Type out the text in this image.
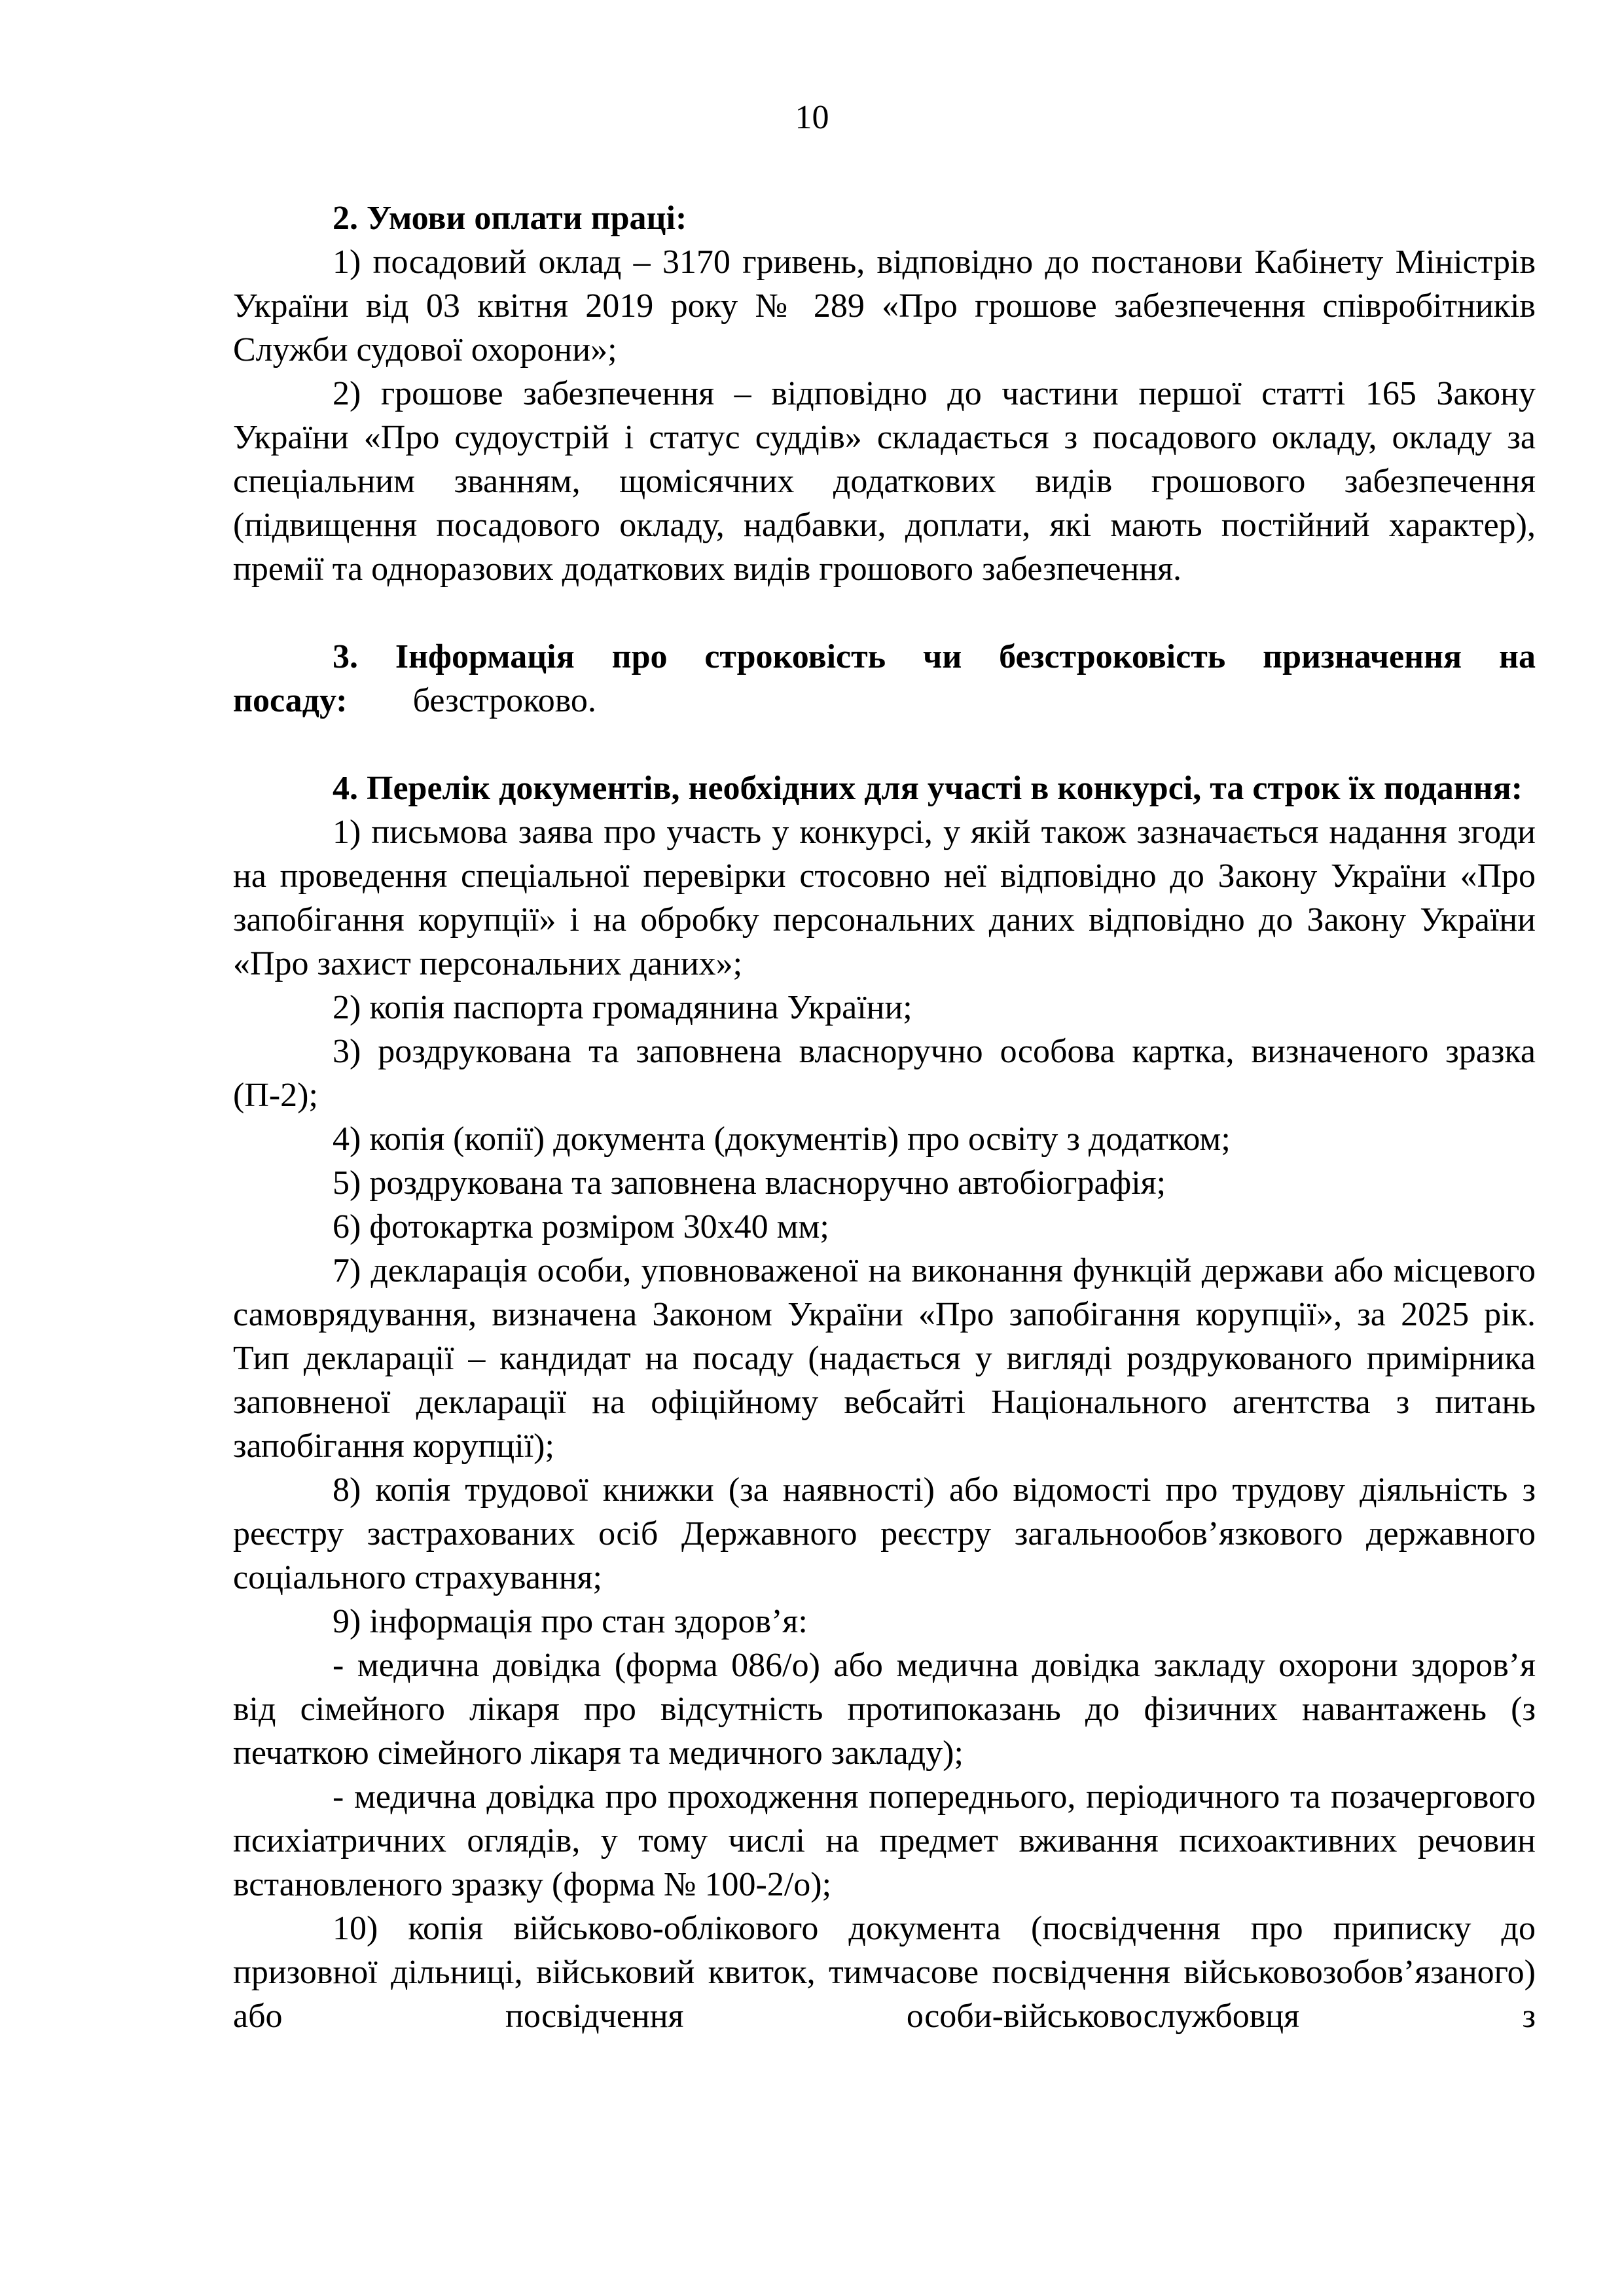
10

2. Умови оплати праці:

1) посадовий оклад – 3170 гривень, відповідно до постанови Кабінету Міністрів України від 03 квітня 2019 року № 289 «Про грошове забезпечення співробітників Служби судової охорони»;

2) грошове забезпечення – відповідно до частини першої статті 165 Закону України «Про судоустрій і статус суддів» складається з посадового окладу, окладу за спеціальним званням, щомісячних додаткових видів грошового забезпечення (підвищення посадового окладу, надбавки, доплати, які мають постійний характер), премії та одноразових додаткових видів грошового забезпечення.

3. Інформація про строковість чи безстроковість призначення на посаду: безстроково.

4. Перелік документів, необхідних для участі в конкурсі, та строк їх подання:

1) письмова заява про участь у конкурсі, у якій також зазначається надання згоди на проведення спеціальної перевірки стосовно неї відповідно до Закону України «Про запобігання корупції» і на обробку персональних даних відповідно до Закону України «Про захист персональних даних»;

2) копія паспорта громадянина України;

3) роздрукована та заповнена власноручно особова картка, визначеного зразка (П-2);

4) копія (копії) документа (документів) про освіту з додатком;

5) роздрукована та заповнена власноручно автобіографія;

6) фотокартка розміром 30х40 мм;

7) декларація особи, уповноваженої на виконання функцій держави або місцевого самоврядування, визначена Законом України «Про запобігання корупції», за 2025 рік. Тип декларації – кандидат на посаду (надається у вигляді роздрукованого примірника заповненої декларації на офіційному вебсайті Національного агентства з питань запобігання корупції);

8) копія трудової книжки (за наявності) або відомості про трудову діяльність з реєстру застрахованих осіб Державного реєстру загальнообов’язкового державного соціального страхування;

9) інформація про стан здоров’я:

- медична довідка (форма 086/о) або медична довідка закладу охорони здоров’я від сімейного лікаря про відсутність протипоказань до фізичних навантажень (з печаткою сімейного лікаря та медичного закладу);

- медична довідка про проходження попереднього, періодичного та позачергового психіатричних оглядів, у тому числі на предмет вживання психоактивних речовин встановленого зразку (форма № 100-2/о);

10) копія військово-облікового документа (посвідчення про приписку до призовної дільниці, військовий квиток, тимчасове посвідчення військовозобов’язаного) або посвідчення особи-військовослужбовця з
